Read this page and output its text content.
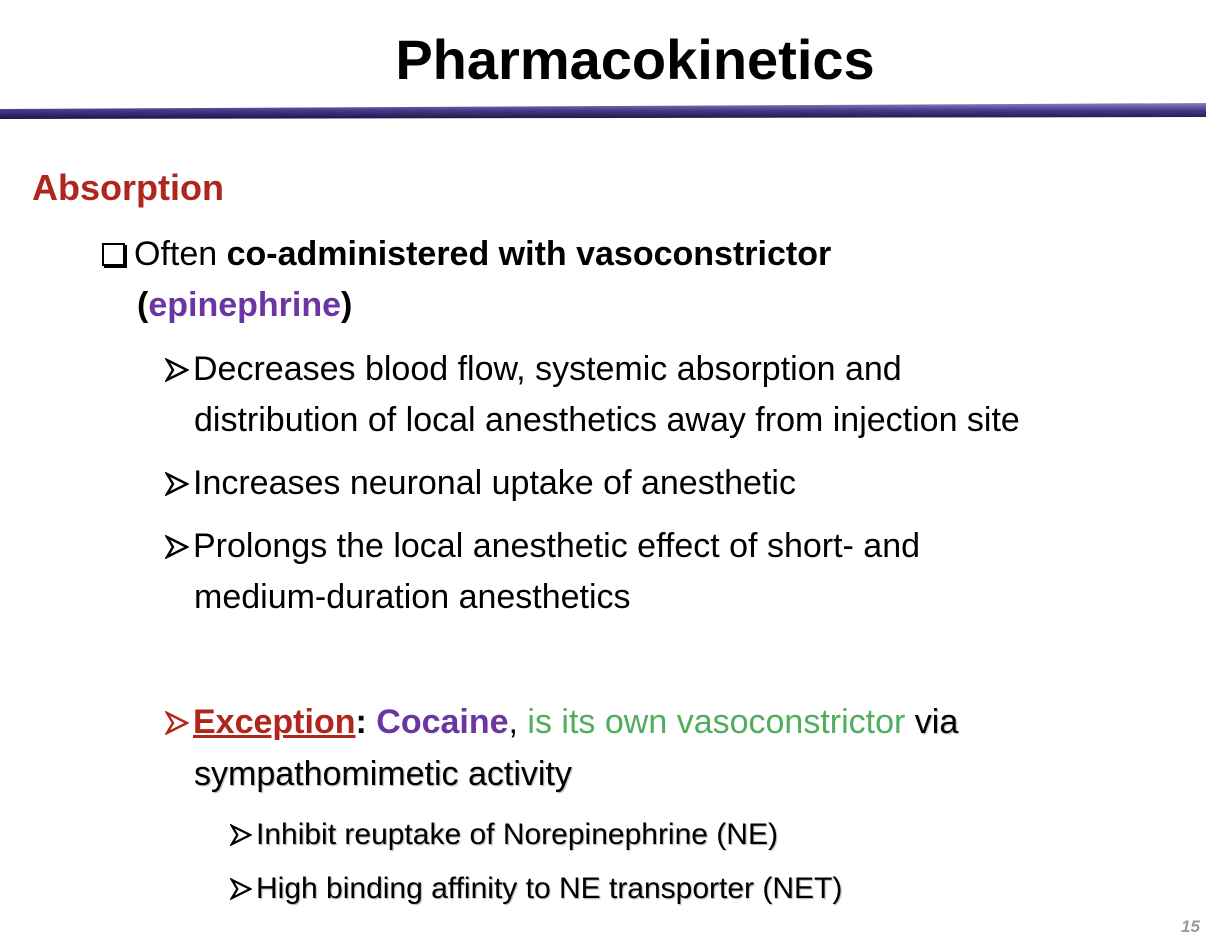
Pharmacokinetics
Absorption
Often co-administered with vasoconstrictor
(epinephrine)
Decreases blood flow, systemic absorption and
distribution of local anesthetics away from injection site
Increases neuronal uptake of anesthetic
Prolongs the local anesthetic effect of short- and
medium-duration anesthetics
Exception: Cocaine, is its own vasoconstrictor via
sympathomimetic activity
Inhibit reuptake of Norepinephrine (NE)
High binding affinity to NE transporter (NET)
15
